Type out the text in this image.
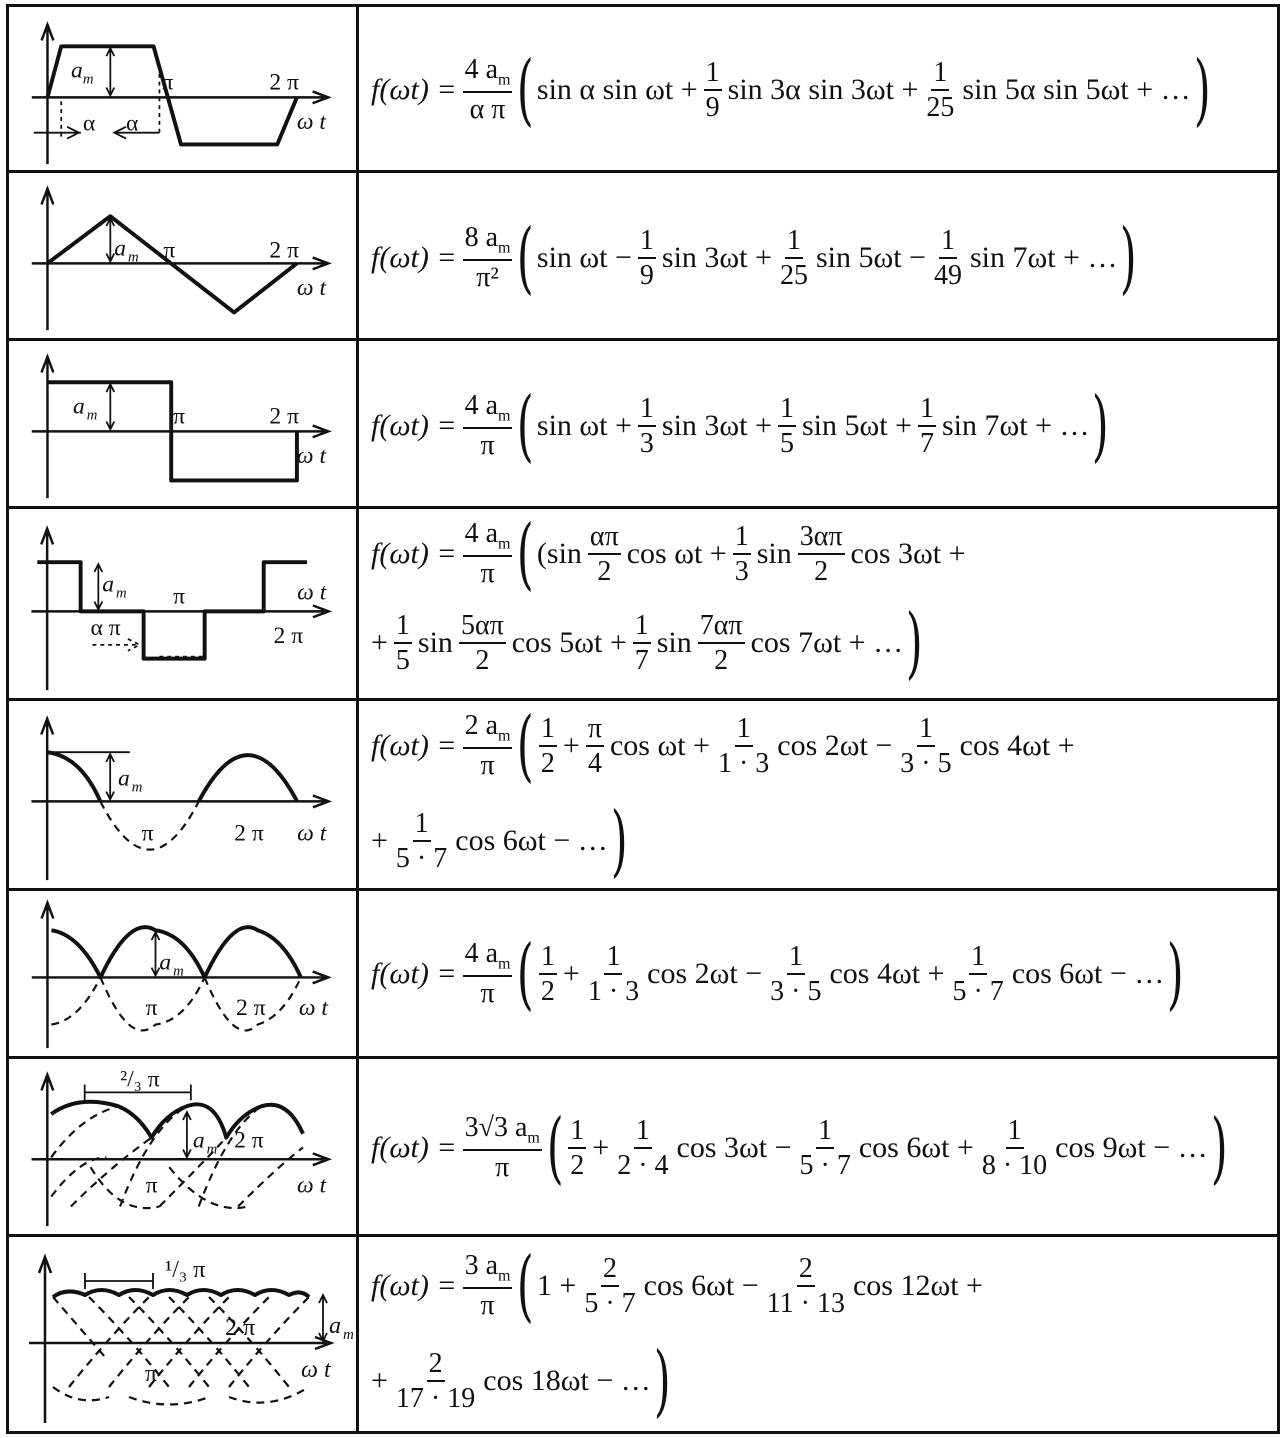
a m	π	2 π
ω t
α α
$f(\omega t) = \frac{4 a_m}{\text{α π}}$ ( sin α $\sin \omega t + \frac{1}{9}$ sin 3α $\sin 3\omega t + \frac{1}{25}$ sin 5α sin 5ωt + … )
a m π	2 π
ω t
$f(\omega t) = \frac{8 a_m}{\text{π²}}$ ( $\sin \omega t - \frac{1}{9}$ $\sin 3\omega t + \frac{1}{25}$ $\sin 5\omega t - \frac{1}{49}$ sin 7ωt + … )
a m	π	2 π
ω t
$f(\omega t) = \frac{4 a_m}{\pi}$ ( $\sin \omega t + \frac{1}{3}$ $\sin 3\omega t + \frac{1}{5}$ $\sin 5\omega t + \frac{1}{7}$ sin 7ωt + … )
a m π
2 π
ω t
α π
$f(\omega t) = \frac{4 a_m}{\pi}$ ( ($\sin \frac{\alpha\pi}{2}$ $\cos \omega t + \frac{1}{3}$ $\sin \frac{3\alpha\pi}{2}$ cos 3ωt +
+ $\frac{1}{5}$ $\sin \frac{5\alpha\pi}{2}$ $\cos 5\omega t + \frac{1}{7}$ $\sin \frac{7\alpha\pi}{2}$ cos 7ωt + … )
a m
π	2 π ω t
$f(\omega t) = \frac{2 a_m}{\pi}$ ( $\frac{1}{2} + \frac{\pi}{4}$ $\cos \omega t + \frac{1}{1 \cdot 3}$ $\cos 2\omega t - \frac{1}{3 \cdot 5}$ cos 4ωt +
+ $\frac{1}{5 \cdot 7}$ cos 6ωt − … )
a m
π	2 π ω t
$f(\omega t) = \frac{4 a_m}{\pi}$ ( $\frac{1}{2} + \frac{1}{1 \cdot 3}$ $\cos 2\omega t - \frac{1}{3 \cdot 5}$ $\cos 4\omega t + \frac{1}{5 \cdot 7}$ cos 6ωt − … )
²/₃ π
a m
π
2 π
ω t
$f(\omega t) = \frac{3√3 a_m}{\pi}$ ( $\frac{1}{2} + \frac{1}{2 \cdot 4}$ $\cos 3\omega t - \frac{1}{5 \cdot 7}$ $\cos 6\omega t + \frac{1}{8 \cdot 10}$ cos 9ωt − … )
¹/₃ π
a m
π
2 π
ω t
$f(\omega t) = \frac{3 a_m}{\pi}$ ( $1 + \frac{2}{5 \cdot 7}$ $\cos 6\omega t - \frac{2}{11 \cdot 13}$ cos 12ωt +
+ $\frac{2}{17 \cdot 19}$ cos 18ωt − … )
